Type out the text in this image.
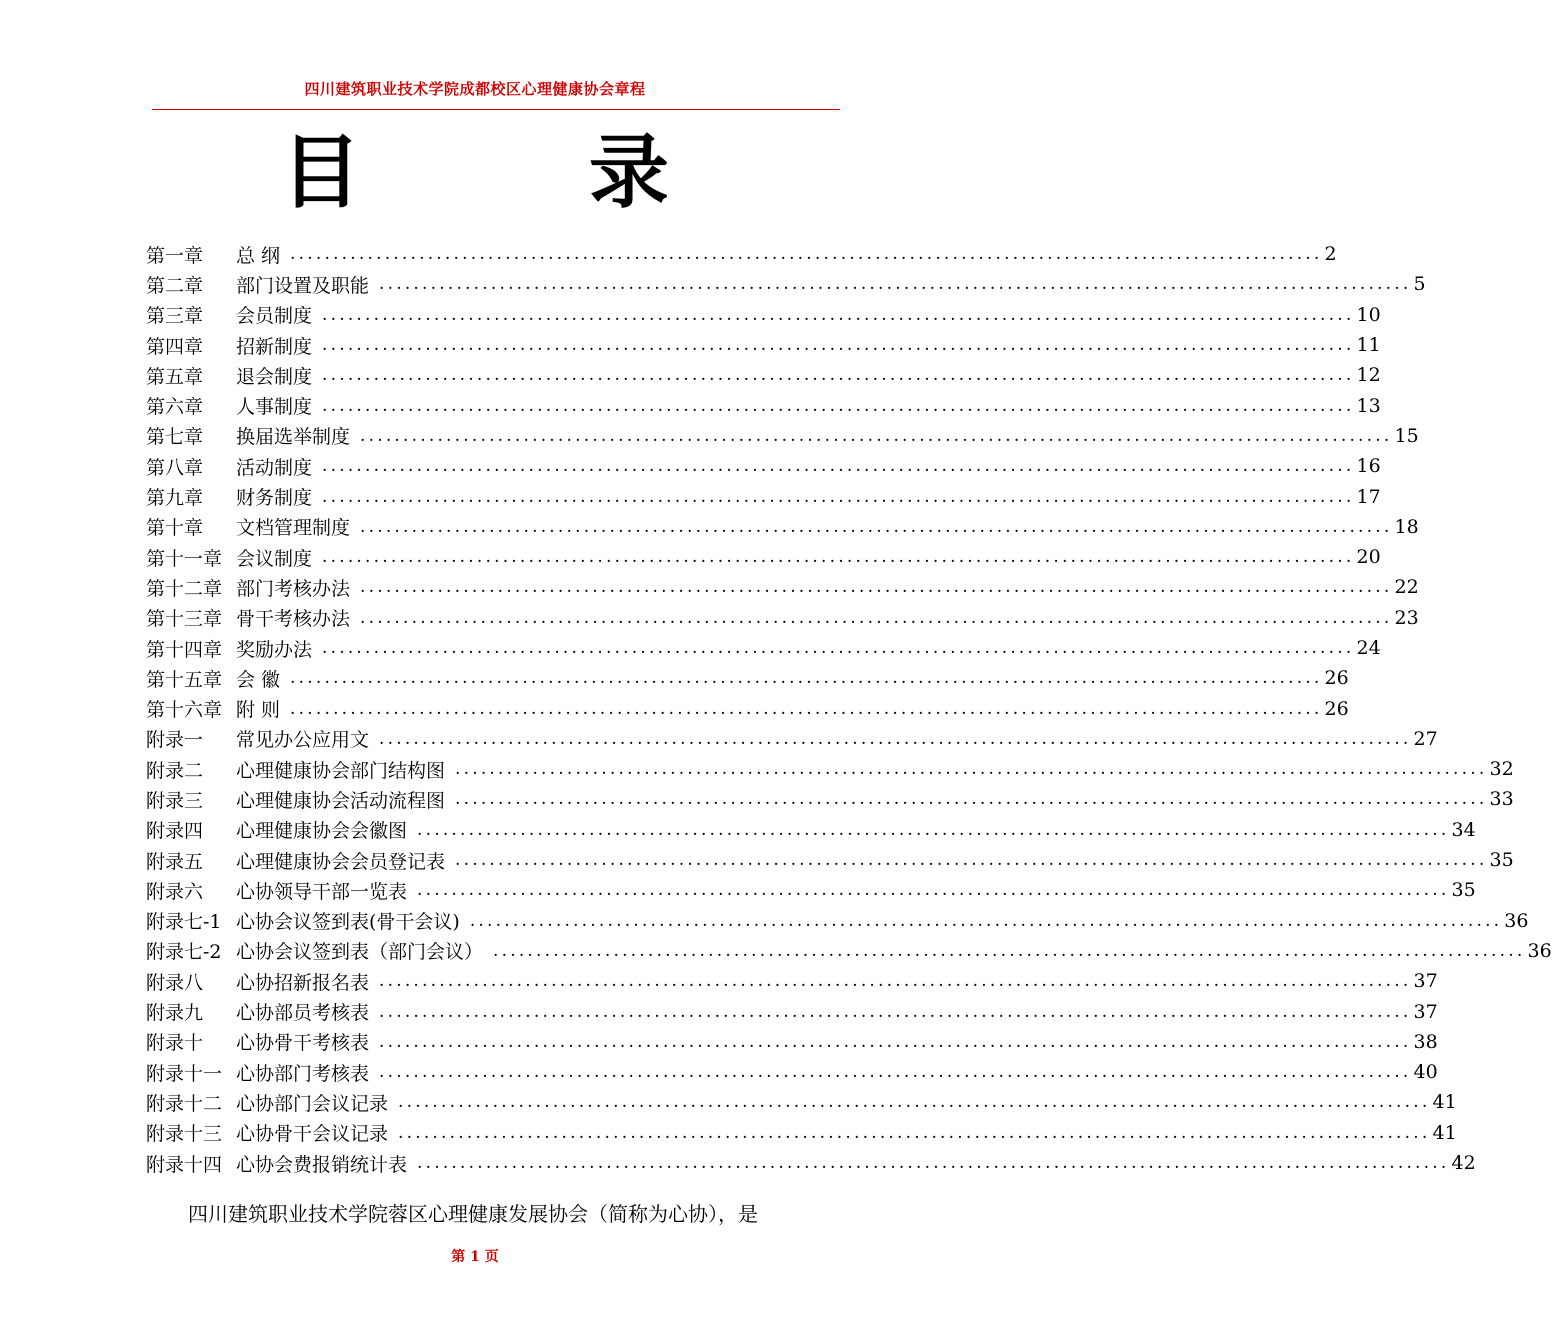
四川建筑职业技术学院成都校区心理健康协会章程
目 录
第一章 总 纲 ........................................................................................................................ 2
第二章 部门设置及职能 ........................................................................................................................ 5
第三章 会员制度 ........................................................................................................................ 10
第四章 招新制度 ........................................................................................................................ 11
第五章 退会制度 ........................................................................................................................ 12
第六章 人事制度 ........................................................................................................................ 13
第七章 换届选举制度 ........................................................................................................................ 15
第八章 活动制度 ........................................................................................................................ 16
第九章 财务制度 ........................................................................................................................ 17
第十章 文档管理制度 ........................................................................................................................ 18
第十一章 会议制度 ........................................................................................................................ 20
第十二章 部门考核办法 ........................................................................................................................ 22
第十三章 骨干考核办法 ........................................................................................................................ 23
第十四章 奖励办法 ........................................................................................................................ 24
第十五章 会 徽 ........................................................................................................................ 26
第十六章 附 则 ........................................................................................................................ 26
附录一 常见办公应用文 ........................................................................................................................ 27
附录二 心理健康协会部门结构图 ........................................................................................................................ 32
附录三 心理健康协会活动流程图 ........................................................................................................................ 33
附录四 心理健康协会会徽图 ........................................................................................................................ 34
附录五 心理健康协会会员登记表 ........................................................................................................................ 35
附录六 心协领导干部一览表 ........................................................................................................................ 35
附录七-1 心协会议签到表(骨干会议) ........................................................................................................................ 36
附录七-2 心协会议签到表（部门会议） ........................................................................................................................ 36
附录八 心协招新报名表 ........................................................................................................................ 37
附录九 心协部员考核表 ........................................................................................................................ 37
附录十 心协骨干考核表 ........................................................................................................................ 38
附录十一 心协部门考核表 ........................................................................................................................ 40
附录十二 心协部门会议记录 ........................................................................................................................ 41
附录十三 心协骨干会议记录 ........................................................................................................................ 41
附录十四 心协会费报销统计表 ........................................................................................................................ 42
四川建筑职业技术学院蓉区心理健康发展协会（简称为心协），是
第 1 页
